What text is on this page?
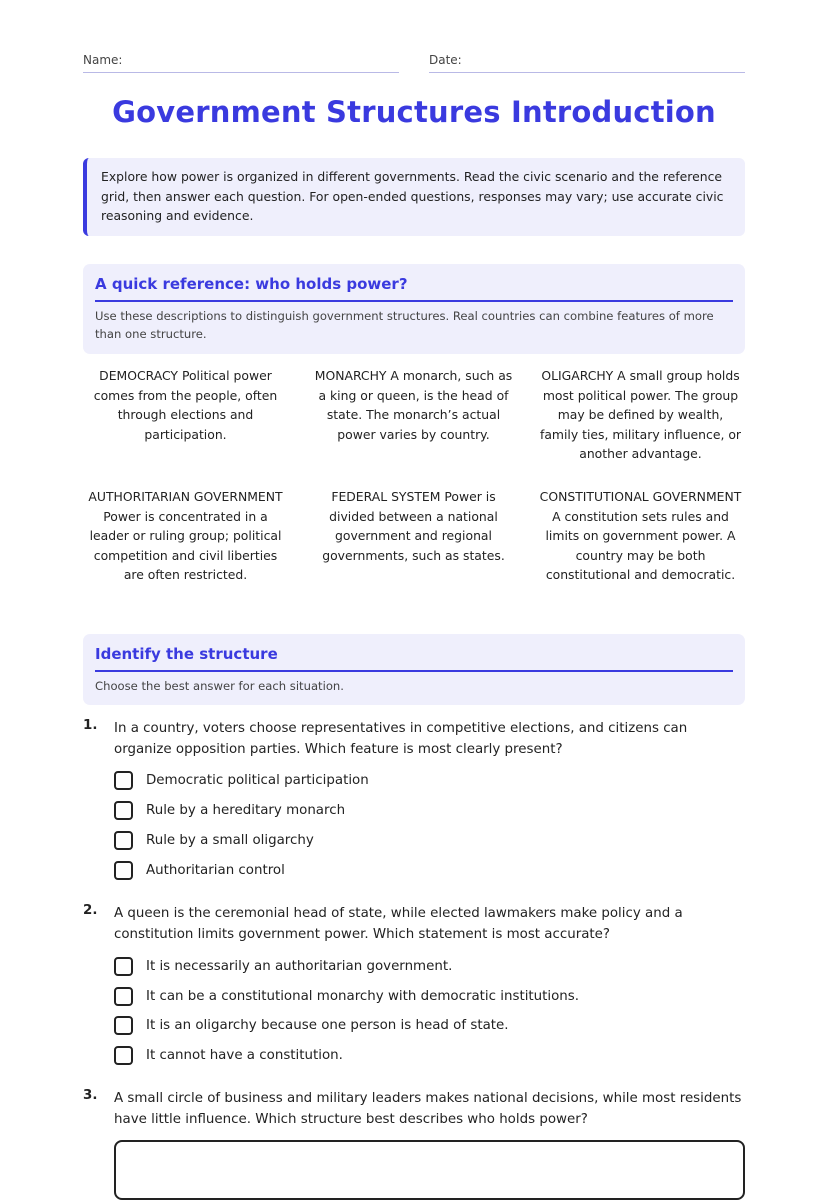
Name:	Date:
Government Structures Introduction
Explore how power is organized in different governments. Read the civic scenario and the reference grid, then answer each question. For open-ended questions, responses may vary; use accurate civic reasoning and evidence.
A quick reference: who holds power?
Use these descriptions to distinguish government structures. Real countries can combine features of more than one structure.
DEMOCRACY Political power comes from the people, often through elections and participation.
MONARCHY A monarch, such as a king or queen, is the head of state. The monarch’s actual power varies by country.
OLIGARCHY A small group holds most political power. The group may be defined by wealth, family ties, military influence, or another advantage.
AUTHORITARIAN GOVERNMENT Power is concentrated in a leader or ruling group; political competition and civil liberties are often restricted.
FEDERAL SYSTEM Power is divided between a national government and regional governments, such as states.
CONSTITUTIONAL GOVERNMENT A constitution sets rules and limits on government power. A country may be both constitutional and democratic.
Identify the structure
Choose the best answer for each situation.
1. In a country, voters choose representatives in competitive elections, and citizens can organize opposition parties. Which feature is most clearly present?
Democratic political participation
Rule by a hereditary monarch
Rule by a small oligarchy
Authoritarian control
2. A queen is the ceremonial head of state, while elected lawmakers make policy and a constitution limits government power. Which statement is most accurate?
It is necessarily an authoritarian government.
It can be a constitutional monarchy with democratic institutions.
It is an oligarchy because one person is head of state.
It cannot have a constitution.
3. A small circle of business and military leaders makes national decisions, while most residents have little influence. Which structure best describes who holds power?
